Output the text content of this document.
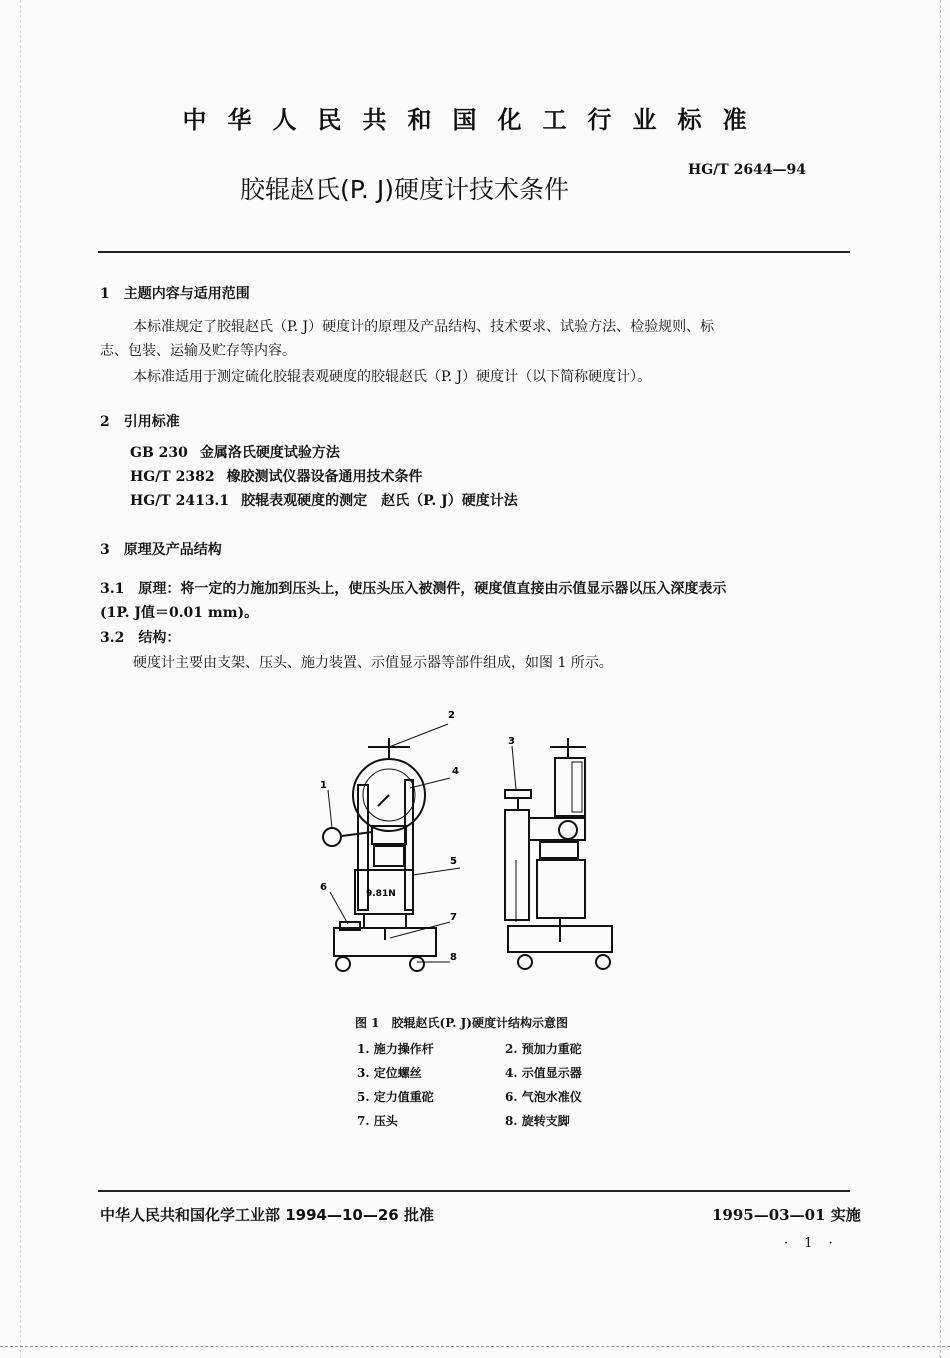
中华人民共和国化工行业标准
胶辊赵氏(P. J)硬度计技术条件
HG/T 2644—94
1　主题内容与适用范围
本标准规定了胶辊赵氏（P. J）硬度计的原理及产品结构、技术要求、试验方法、检验规则、标
志、包装、运输及贮存等内容。
本标准适用于测定硫化胶辊表观硬度的胶辊赵氏（P. J）硬度计（以下简称硬度计）。
2　引用标准
GB 230 金属洛氏硬度试验方法
HG/T 2382 橡胶测试仪器设备通用技术条件
HG/T 2413.1 胶辊表观硬度的测定　赵氏（P. J）硬度计法
3　原理及产品结构
3.1　原理：将一定的力施加到压头上，使压头压入被测件，硬度值直接由示值显示器以压入深度表示
(1P. J值＝0.01 mm)。
3.2　结构：
硬度计主要由支架、压头、施力装置、示值显示器等部件组成，如图 1 所示。
2
4
1
5
6
7
8
3
9.81N
图 1　胶辊赵氏(P. J)硬度计结构示意图
1. 施力操作杆	2. 预加力重砣
3. 定位螺丝	4. 示值显示器
5. 定力值重砣	6. 气泡水准仪
7. 压头	8. 旋转支脚
中华人民共和国化学工业部 1994—10—26 批准	1995—03—01 实施
· 1 ·
